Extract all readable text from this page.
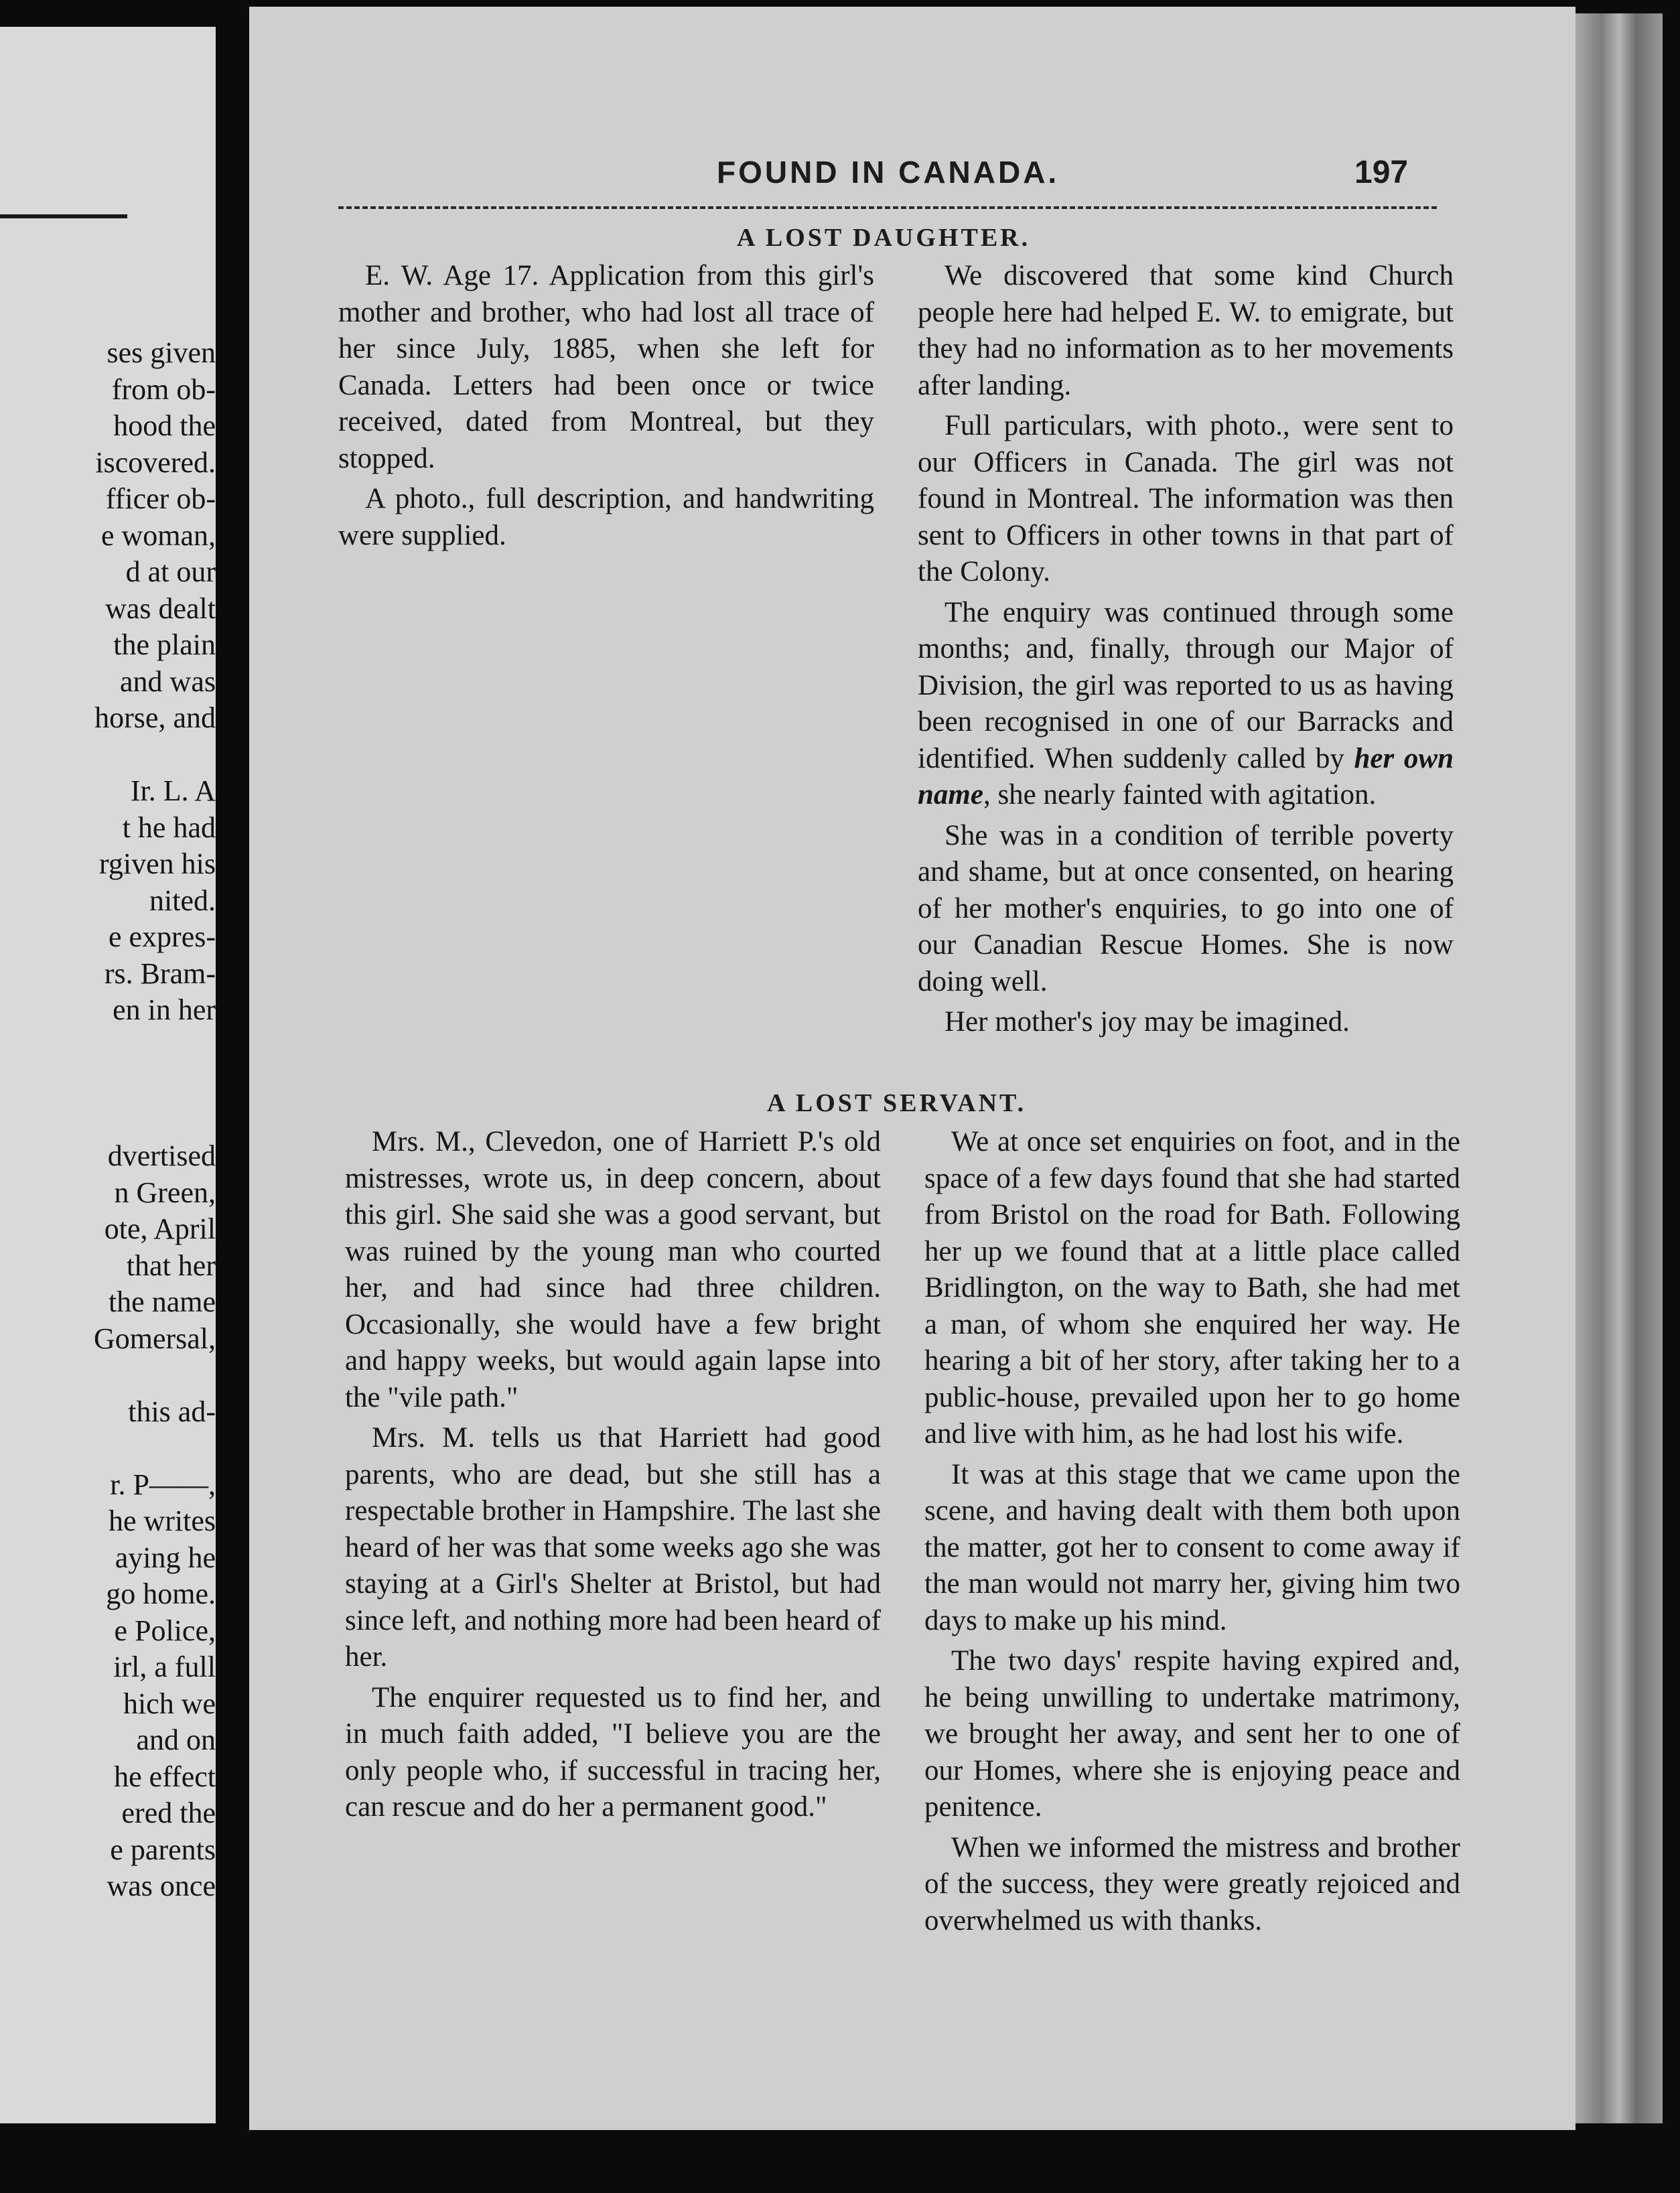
ses given
from ob-
hood the
iscovered.
fficer ob-
e woman,
d at our
was dealt
the plain
and was
horse, and
Ir. L. A
t he had
rgiven his
nited.
e expres-
rs. Bram-
en in her
dvertised
n Green,
ote, April
that her
the name
Gomersal,
this ad-
r. P——,
he writes
aying he
go home.
e Police,
irl, a full
hich we
and on
he effect
ered the
e parents
was once
FOUND IN CANADA.	197
A LOST DAUGHTER.

E. W. Age 17. Application from this girl's mother and brother, who had lost all trace of her since July, 1885, when she left for Canada. Letters had been once or twice received, dated from Montreal, but they stopped.

A photo., full description, and handwriting were supplied.

We discovered that some kind Church people here had helped E. W. to emigrate, but they had no information as to her movements after landing.

Full particulars, with photo., were sent to our Officers in Canada. The girl was not found in Montreal. The information was then sent to Officers in other towns in that part of the Colony.

The enquiry was continued through some months; and, finally, through our Major of Division, the girl was reported to us as having been recognised in one of our Barracks and identified. When suddenly called by her own name, she nearly fainted with agitation.

She was in a condition of terrible poverty and shame, but at once consented, on hearing of her mother's enquiries, to go into one of our Canadian Rescue Homes. She is now doing well.

Her mother's joy may be imagined.

A LOST SERVANT.

Mrs. M., Clevedon, one of Harriett P.'s old mistresses, wrote us, in deep concern, about this girl. She said she was a good servant, but was ruined by the young man who courted her, and had since had three children. Occasionally, she would have a few bright and happy weeks, but would again lapse into the "vile path."

Mrs. M. tells us that Harriett had good parents, who are dead, but she still has a respectable brother in Hampshire. The last she heard of her was that some weeks ago she was staying at a Girl's Shelter at Bristol, but had since left, and nothing more had been heard of her.

The enquirer requested us to find her, and in much faith added, "I believe you are the only people who, if successful in tracing her, can rescue and do her a permanent good."

We at once set enquiries on foot, and in the space of a few days found that she had started from Bristol on the road for Bath. Following her up we found that at a little place called Bridlington, on the way to Bath, she had met a man, of whom she enquired her way. He hearing a bit of her story, after taking her to a public-house, prevailed upon her to go home and live with him, as he had lost his wife.

It was at this stage that we came upon the scene, and having dealt with them both upon the matter, got her to consent to come away if the man would not marry her, giving him two days to make up his mind.

The two days' respite having expired and, he being unwilling to undertake matrimony, we brought her away, and sent her to one of our Homes, where she is enjoying peace and penitence.

When we informed the mistress and brother of the success, they were greatly rejoiced and overwhelmed us with thanks.
